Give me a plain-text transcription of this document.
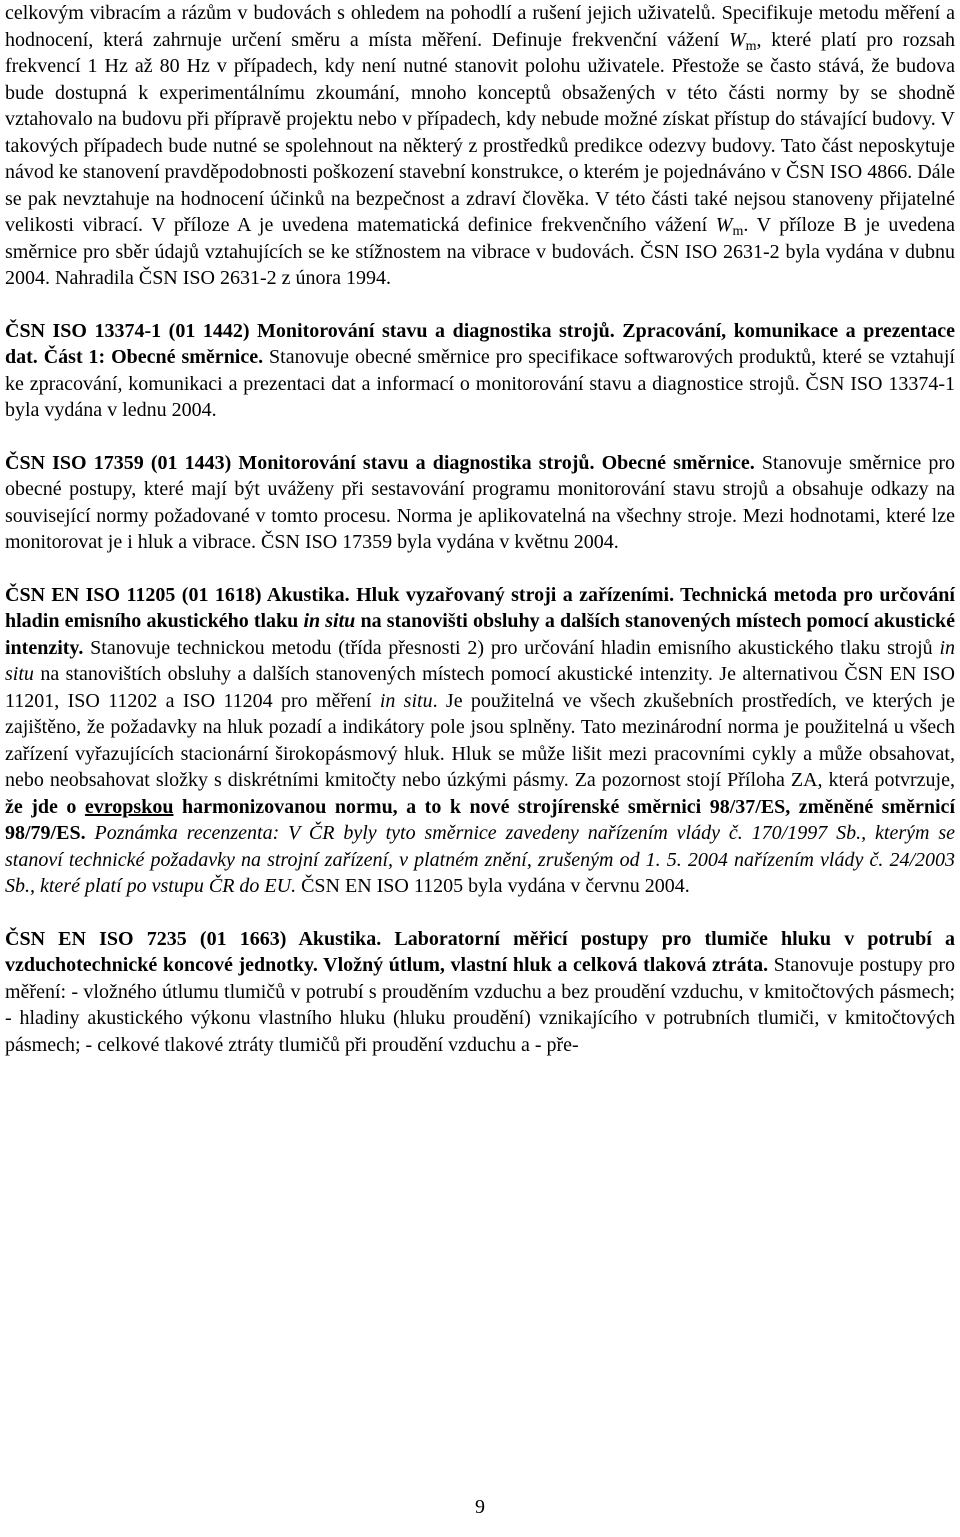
celkovým vibracím a rázům v budovách s ohledem na pohodlí a rušení jejich uživatelů. Specifikuje metodu měření a hodnocení, která zahrnuje určení směru a místa měření. Definuje frekvenční vážení $W_m$, které platí pro rozsah frekvencí 1 Hz až 80 Hz v případech, kdy není nutné stanovit polohu uživatele. Přestože se často stává, že budova bude dostupná k experimentálnímu zkoumání, mnoho konceptů obsažených v této části normy by se shodně vztahovalo na budovu při přípravě projektu nebo v případech, kdy nebude možné získat přístup do stávající budovy. V takových případech bude nutné se spolehnout na některý z prostředků predikce odezvy budovy. Tato část neposkytuje návod ke stanovení pravděpodobnosti poškození stavební konstrukce, o kterém je pojednáváno v ČSN ISO 4866. Dále se pak nevztahuje na hodnocení účinků na bezpečnost a zdraví člověka. V této části také nejsou stanoveny přijatelné velikosti vibrací. V příloze A je uvedena matematická definice frekvenčního vážení $W_m$. V příloze B je uvedena směrnice pro sběr údajů vztahujících se ke stížnostem na vibrace v budovách. ČSN ISO 2631-2 byla vydána v dubnu 2004. Nahradila ČSN ISO 2631-2 z února 1994.

ČSN ISO 13374-1 (01 1442) Monitorování stavu a diagnostika strojů. Zpracování, komunikace a prezentace dat. Část 1: Obecné směrnice. Stanovuje obecné směrnice pro specifikace softwarových produktů, které se vztahují ke zpracování, komunikaci a prezentaci dat a informací o monitorování stavu a diagnostice strojů. ČSN ISO 13374-1 byla vydána v lednu 2004.

ČSN ISO 17359 (01 1443) Monitorování stavu a diagnostika strojů. Obecné směrnice. Stanovuje směrnice pro obecné postupy, které mají být uváženy při sestavování programu monitorování stavu strojů a obsahuje odkazy na související normy požadované v tomto procesu. Norma je aplikovatelná na všechny stroje. Mezi hodnotami, které lze monitorovat je i hluk a vibrace. ČSN ISO 17359 byla vydána v květnu 2004.

ČSN EN ISO 11205 (01 1618) Akustika. Hluk vyzařovaný stroji a zařízeními. Technická metoda pro určování hladin emisního akustického tlaku in situ na stanovišti obsluhy a dalších stanovených místech pomocí akustické intenzity. Stanovuje technickou metodu (třída přesnosti 2) pro určování hladin emisního akustického tlaku strojů in situ na stanovištích obsluhy a dalších stanovených místech pomocí akustické intenzity. Je alternativou ČSN EN ISO 11201, ISO 11202 a ISO 11204 pro měření in situ. Je použitelná ve všech zkušebních prostředích, ve kterých je zajištěno, že požadavky na hluk pozadí a indikátory pole jsou splněny. Tato mezinárodní norma je použitelná u všech zařízení vyřazujících stacionární širokopásmový hluk. Hluk se může lišit mezi pracovními cykly a může obsahovat, nebo neobsahovat složky s diskrétními kmitočty nebo úzkými pásmy. Za pozornost stojí Příloha ZA, která potvrzuje, že jde o evropskou harmonizovanou normu, a to k nové strojírenské směrnici 98/37/ES, změněné směrnicí 98/79/ES. Poznámka recenzenta: V ČR byly tyto směrnice zavedeny nařízením vlády č. 170/1997 Sb., kterým se stanoví technické požadavky na strojní zařízení, v platném znění, zrušeným od 1. 5. 2004 nařízením vlády č. 24/2003 Sb., které platí po vstupu ČR do EU. ČSN EN ISO 11205 byla vydána v červnu 2004.

ČSN EN ISO 7235 (01 1663) Akustika. Laboratorní měřicí postupy pro tlumiče hluku v potrubí a vzduchotechnické koncové jednotky. Vložný útlum, vlastní hluk a celková tlaková ztráta. Stanovuje postupy pro měření: - vložného útlumu tlumičů v potrubí s prouděním vzduchu a bez proudění vzduchu, v kmitočtových pásmech; - hladiny akustického výkonu vlastního hluku (hluku proudění) vznikajícího v potrubních tlumiči, v kmitočtových pásmech; - celkové tlakové ztráty tlumičů při proudění vzduchu a - pře-

9
